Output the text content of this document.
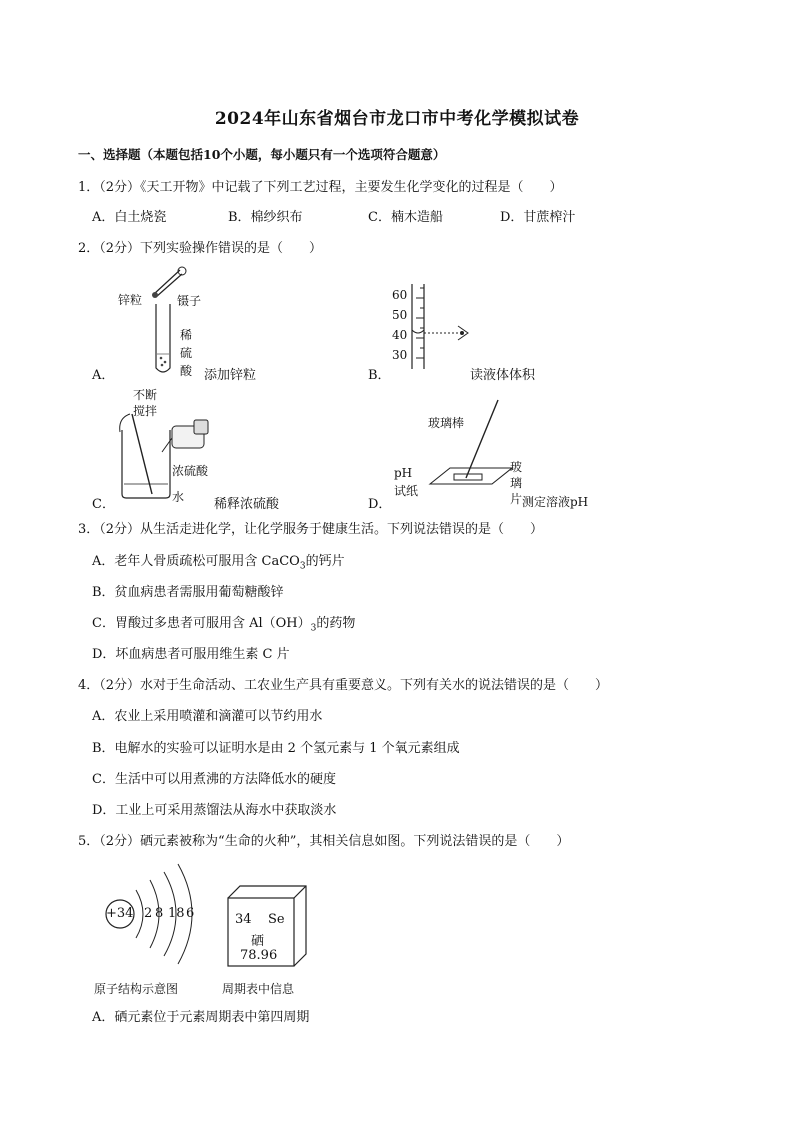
2024年山东省烟台市龙口市中考化学模拟试卷
一、选择题（本题包括10个小题，每小题只有一个选项符合题意）
1．（2分）《天工开物》中记载了下列工艺过程，主要发生化学变化的过程是（　　）
A．白土烧瓷	B．棉纱织布	C．楠木造船	D．甘蔗榨汁
2．（2分）下列实验操作错误的是（　　）
锌粒	镊子
稀
硫
酸
A．	添加锌粒
60
50
40
30
B．	读液体体积
不断
搅拌
浓硫酸
水
C．	稀释浓硫酸
玻璃棒
pH
试纸
玻
璃
片
D．	测定溶液pH
3．（2分）从生活走进化学，让化学服务于健康生活。下列说法错误的是（　　）
A．老年人骨质疏松可服用含 CaCO$_3$的钙片
B．贫血病患者需服用葡萄糖酸锌
C．胃酸过多患者可服用含 $Al(OH)_3$的药物
D．坏血病患者可服用维生素 C 片
4．（2分）水对于生命活动、工农业生产具有重要意义。下列有关水的说法错误的是（　　）
A．农业上采用喷灌和滴灌可以节约用水
B．电解水的实验可以证明水是由 2 个氢元素与 1 个氧元素组成
C．生活中可以用煮沸的方法降低水的硬度
D．工业上可采用蒸馏法从海水中获取淡水
5．（2分）硒元素被称为“生命的火种”，其相关信息如图。下列说法错误的是（　　）
+34 2 8 18 6
原子结构示意图
34 Se
硒
78.96
周期表中信息
A．硒元素位于元素周期表中第四周期
